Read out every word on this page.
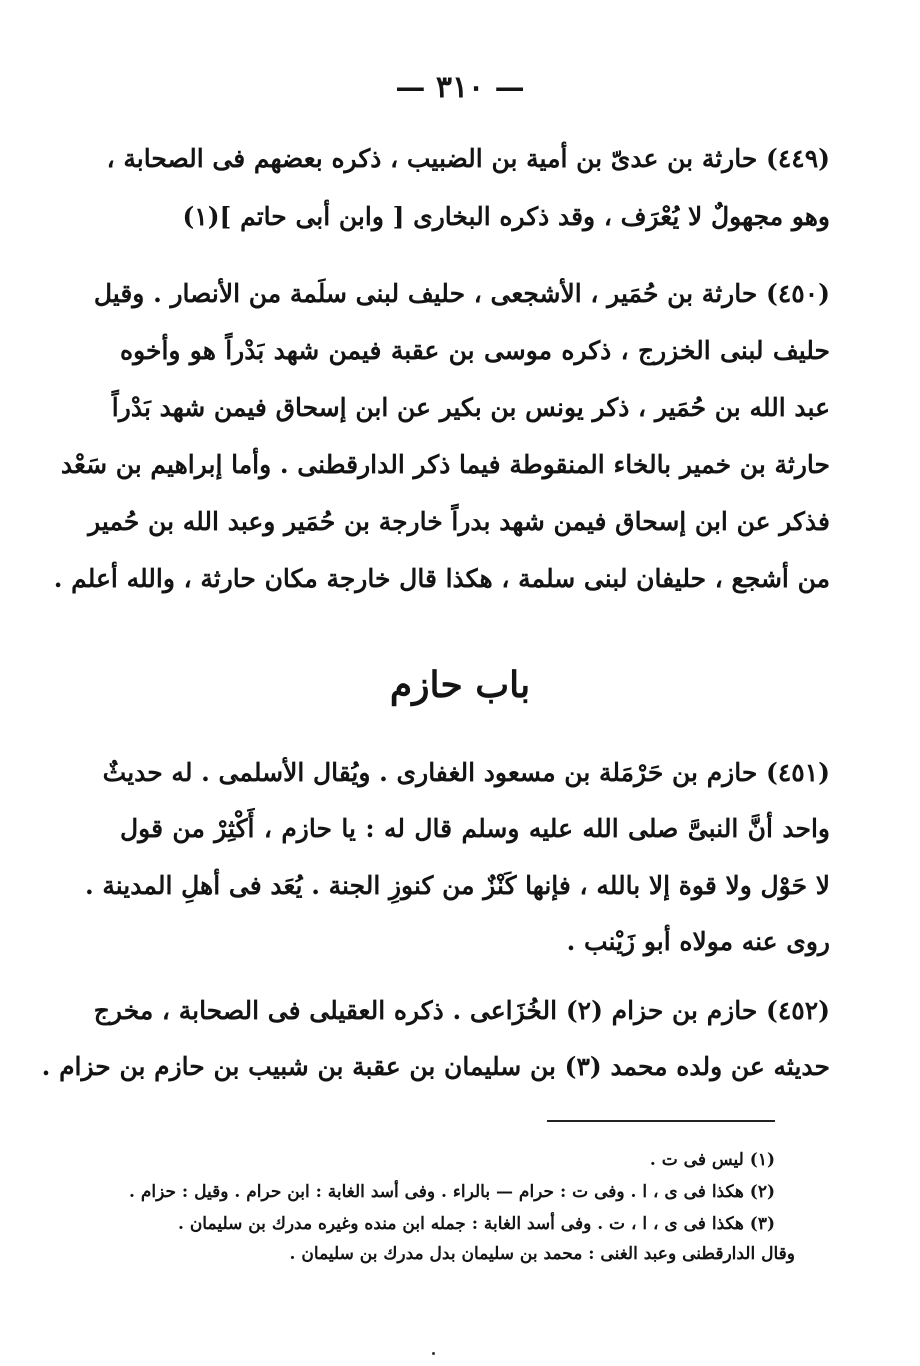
— ٣١٠ —
(٤٤٩) حارثة بن عدىّ بن أمية بن الضبيب ، ذكره بعضهم فى الصحابة ،
وهو مجهولٌ لا يُعْرَف ، وقد ذكره البخارى [ وابن أبى حاتم ](١)
(٤٥٠) حارثة بن حُمَير ، الأشجعى ، حليف لبنى سلَمة من الأنصار . وقيل
حليف لبنى الخزرج ، ذكره موسى بن عقبة فيمن شهد بَدْراً هو وأخوه
عبد الله بن حُمَير ، ذكر يونس بن بكير عن ابن إسحاق فيمن شهد بَدْراً
حارثة بن خمير بالخاء المنقوطة فيما ذكر الدارقطنى . وأما إبراهيم بن سَعْد
فذكر عن ابن إسحاق فيمن شهد بدراً خارجة بن حُمَير وعبد الله بن حُمير
من أشجع ، حليفان لبنى سلمة ، هكذا قال خارجة مكان حارثة ، والله أعلم .
باب حازم
(٤٥١) حازم بن حَرْمَلة بن مسعود الغفارى . ويُقال الأسلمى . له حديثٌ
واحد أنَّ النبىَّ صلى الله عليه وسلم قال له : يا حازم ، أَكْثِرْ من قول
لا حَوْل ولا قوة إلا بالله ، فإنها كَنْزٌ من كنوزِ الجنة . يُعَد فى أهلِ المدينة .
روى عنه مولاه أبو زَيْنب .
(٤٥٢) حازم بن حزام (٢) الخُزَاعى . ذكره العقيلى فى الصحابة ، مخرج
حديثه عن ولده محمد (٣) بن سليمان بن عقبة بن شبيب بن حازم بن حزام .
(١) ليس فى ت .
(٢) هكذا فى ى ، ا . وفى ت : حرام — بالراء . وفى أسد الغابة : ابن حرام . وقيل : حزام .
(٣) هكذا فى ى ، ا ، ت . وفى أسد الغابة : جمله ابن منده وغيره مدرك بن سليمان .
وقال الدارقطنى وعبد الغنى : محمد بن سليمان بدل مدرك بن سليمان .
